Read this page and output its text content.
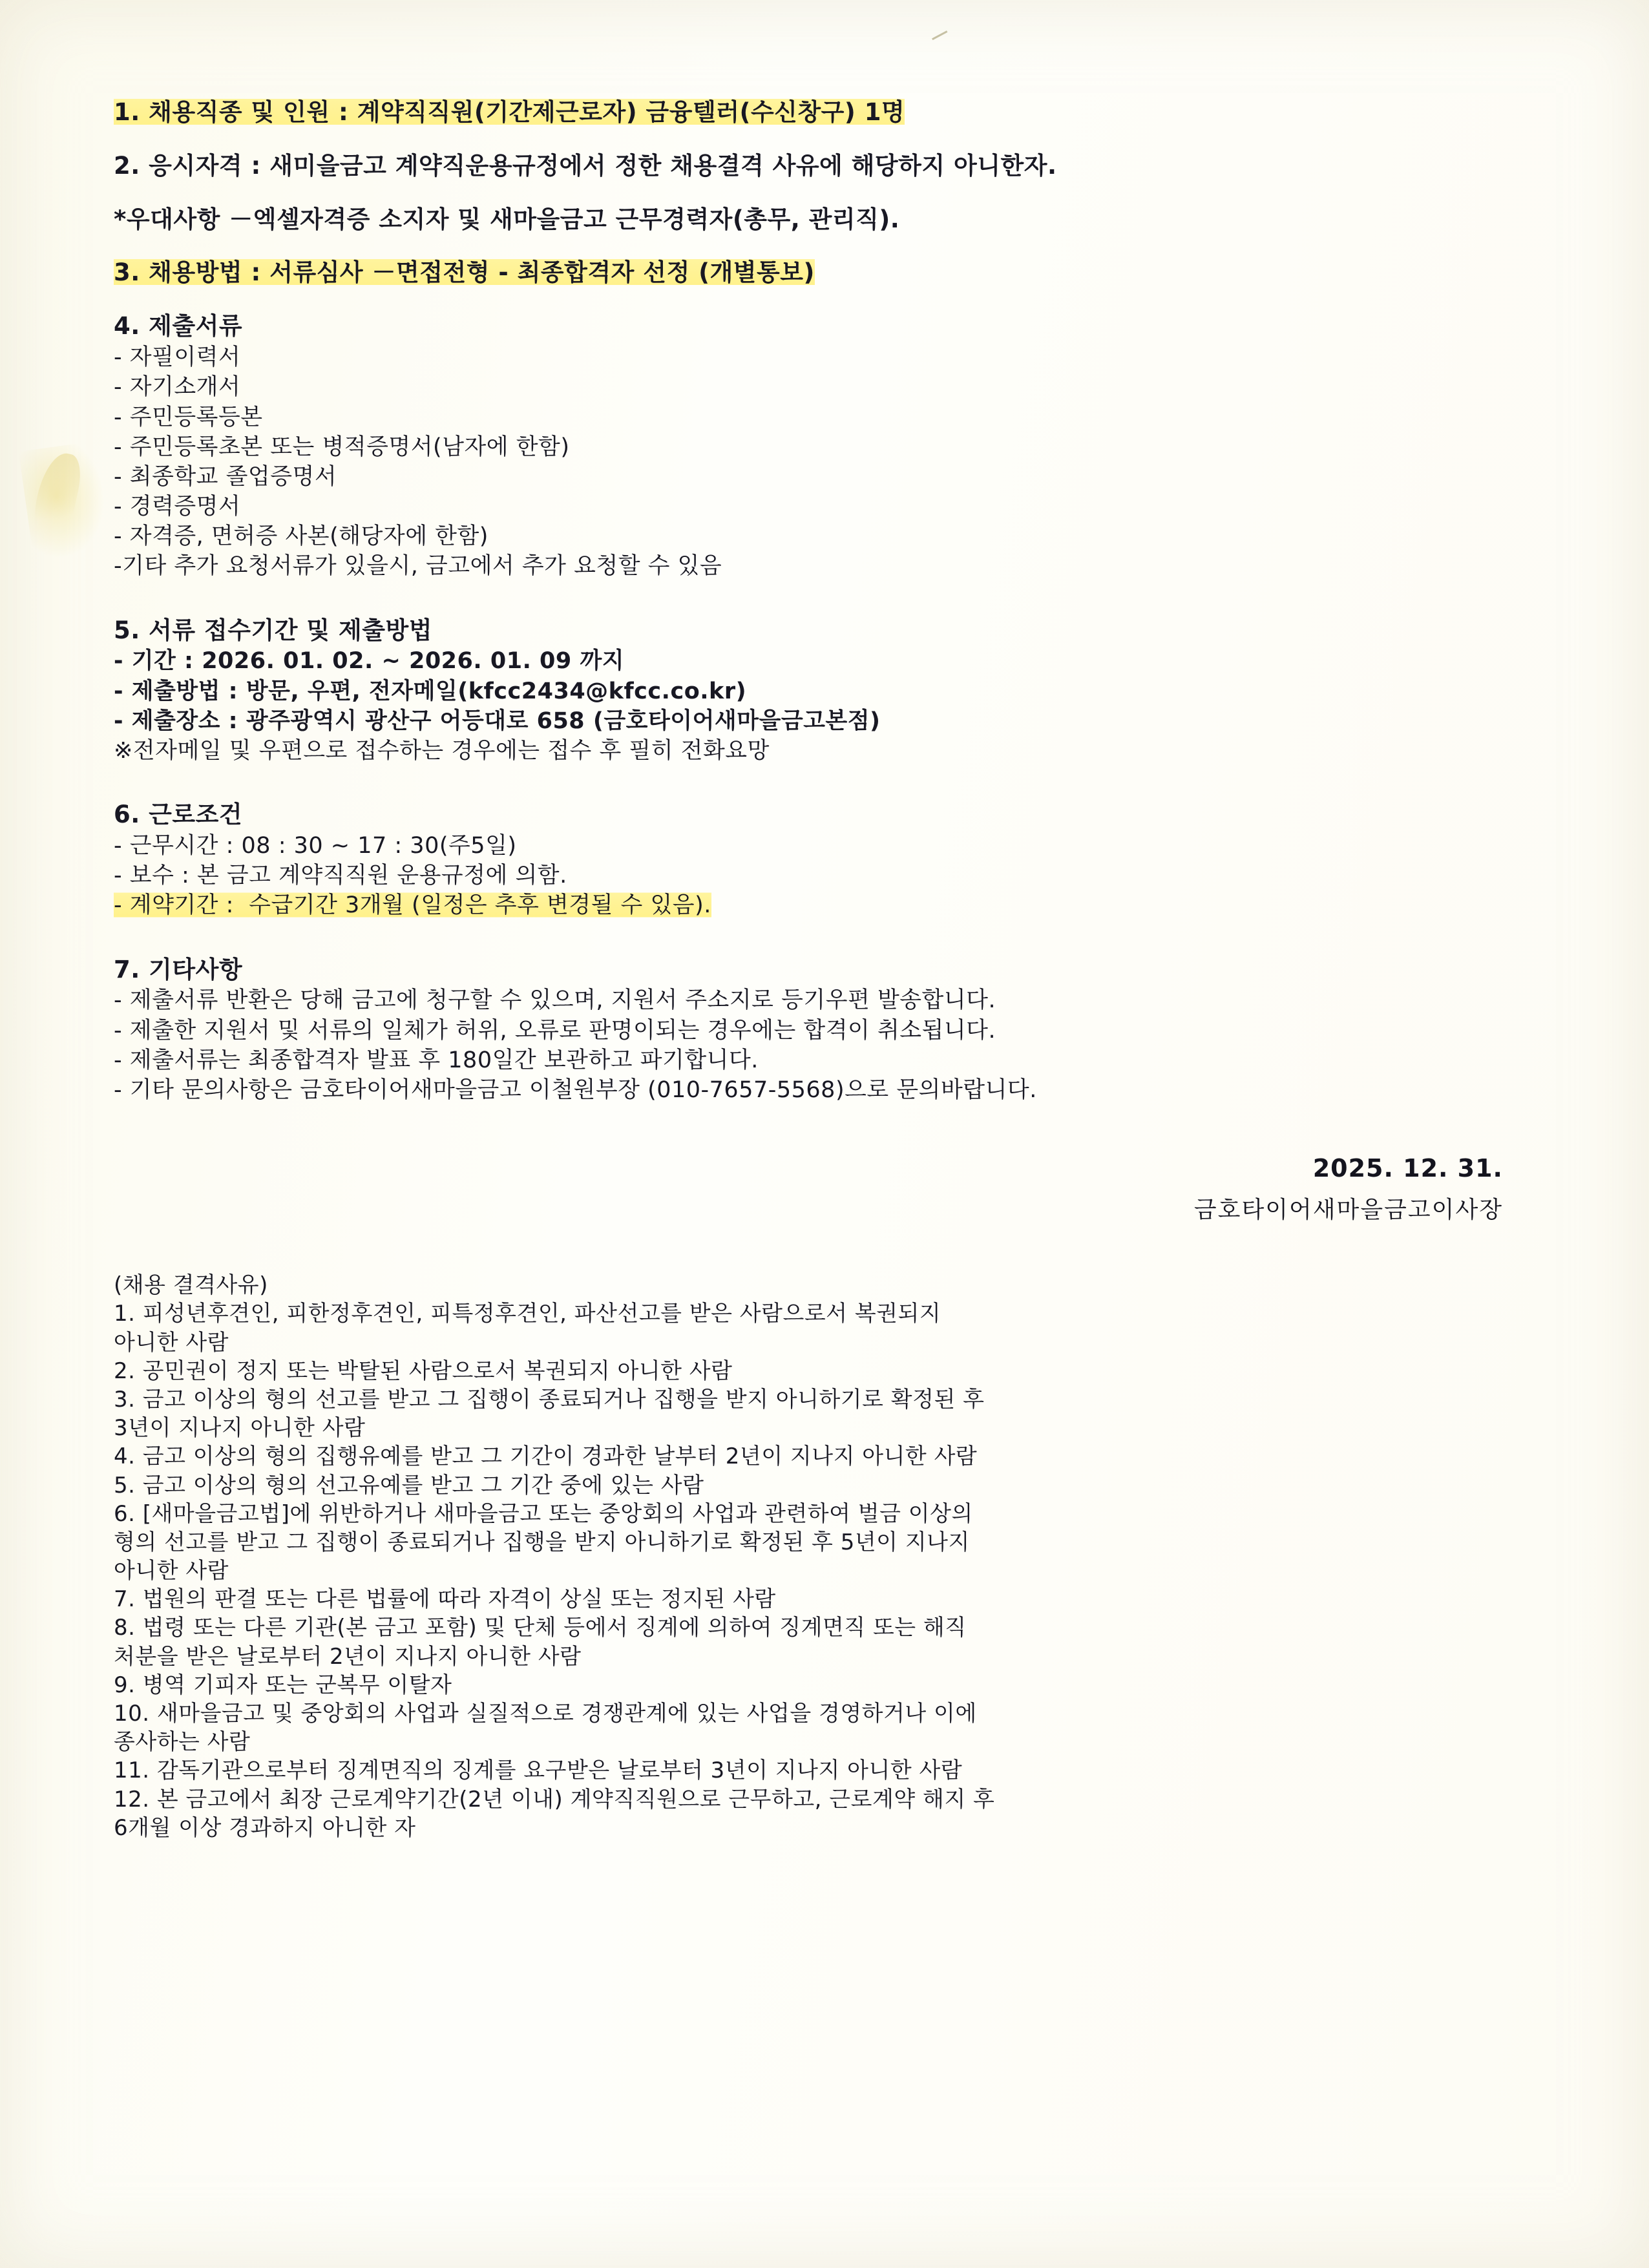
1. 채용직종 및 인원 : 계약직직원(기간제근로자) 금융텔러(수신창구) 1명

2. 응시자격 : 새미을금고 계약직운용규정에서 정한 채용결격 사유에 해당하지 아니한자.

*우대사항 －엑셀자격증 소지자 및 새마을금고 근무경력자(총무, 관리직).

3. 채용방법 : 서류심사 －면접전형 - 최종합격자 선정 (개별통보)

4. 제출서류

- 자필이력서

- 자기소개서

- 주민등록등본

- 주민등록초본 또는 병적증명서(남자에 한함)

- 최종학교 졸업증명서

- 경력증명서

- 자격증, 면허증 사본(해당자에 한함)

-기타 추가 요청서류가 있을시, 금고에서 추가 요청할 수 있음

5. 서류 접수기간 및 제출방법

- 기간 : 2026. 01. 02. ~ 2026. 01. 09 까지

- 제출방법 : 방문, 우편, 전자메일(kfcc2434@kfcc.co.kr)

- 제출장소 : 광주광역시 광산구 어등대로 658 (금호타이어새마을금고본점)

※전자메일 및 우편으로 접수하는 경우에는 접수 후 필히 전화요망

6. 근로조건

- 근무시간 : 08 : 30 ~ 17 : 30(주5일)

- 보수 : 본 금고 계약직직원 운용규정에 의함.

- 계약기간 :  수급기간 3개월 (일정은 추후 변경될 수 있음).

7. 기타사항

- 제출서류 반환은 당해 금고에 청구할 수 있으며, 지원서 주소지로 등기우편 발송합니다.

- 제출한 지원서 및 서류의 일체가 허위, 오류로 판명이되는 경우에는 합격이 취소됩니다.

- 제출서류는 최종합격자 발표 후 180일간 보관하고 파기합니다.

- 기타 문의사항은 금호타이어새마을금고 이철원부장 (010-7657-5568)으로 문의바랍니다.

2025. 12. 31.
금호타이어새마을금고이사장

(채용 결격사유)

1. 피성년후견인, 피한정후견인, 피특정후견인, 파산선고를 받은 사람으로서 복권되지

아니한 사람

2. 공민권이 정지 또는 박탈된 사람으로서 복권되지 아니한 사람

3. 금고 이상의 형의 선고를 받고 그 집행이 종료되거나 집행을 받지 아니하기로 확정된 후

3년이 지나지 아니한 사람

4. 금고 이상의 형의 집행유예를 받고 그 기간이 경과한 날부터 2년이 지나지 아니한 사람

5. 금고 이상의 형의 선고유예를 받고 그 기간 중에 있는 사람

6. [새마을금고법]에 위반하거나 새마을금고 또는 중앙회의 사업과 관련하여 벌금 이상의

형의 선고를 받고 그 집행이 종료되거나 집행을 받지 아니하기로 확정된 후 5년이 지나지

아니한 사람

7. 법원의 판결 또는 다른 법률에 따라 자격이 상실 또는 정지된 사람

8. 법령 또는 다른 기관(본 금고 포함) 및 단체 등에서 징계에 의하여 징계면직 또는 해직

처분을 받은 날로부터 2년이 지나지 아니한 사람

9. 병역 기피자 또는 군복무 이탈자

10. 새마을금고 및 중앙회의 사업과 실질적으로 경쟁관계에 있는 사업을 경영하거나 이에

종사하는 사람

11. 감독기관으로부터 징계면직의 징계를 요구받은 날로부터 3년이 지나지 아니한 사람

12. 본 금고에서 최장 근로계약기간(2년 이내) 계약직직원으로 근무하고, 근로계약 해지 후

6개월 이상 경과하지 아니한 자
